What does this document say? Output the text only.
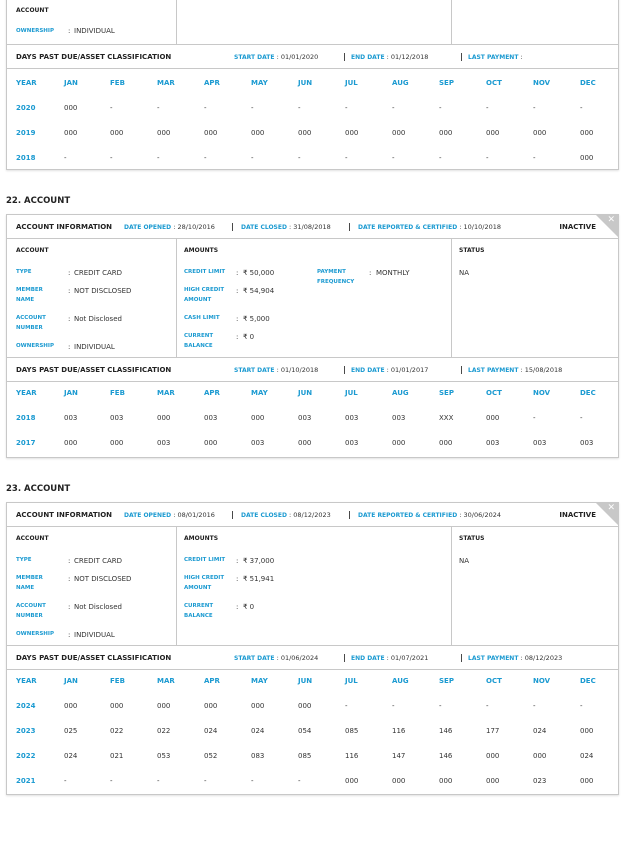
ACCOUNT
OWNERSHIP : INDIVIDUAL
DAYS PAST DUE/ASSET CLASSIFICATION	START DATE : 01/01/2020	| END DATE : 01/12/2018	| LAST PAYMENT :
YEAR	JAN	FEB	MAR	APR	MAY	JUN	JUL	AUG	SEP	OCT	NOV	DEC
2020	000	-	-	-	-	-	-	-	-	-	-	-
2019	000	000	000	000	000	000	000	000	000	000	000	000
2018	-	-	-	-	-	-	-	-	-	-	-	000
22. ACCOUNT
ACCOUNT INFORMATION DATE OPENED : 28/10/2016 | DATE CLOSED : 31/08/2018 | DATE REPORTED & CERTIFIED : 10/10/2018	INACTIVE
✕
ACCOUNT	AMOUNTS	STATUS
TYPE	: CREDIT CARD
MEMBER NAME
: NOT DISCLOSED
ACCOUNT NUMBER
: Not Disclosed
OWNERSHIP	: INDIVIDUAL
CREDIT LIMIT	: ₹ 50,000
HIGH CREDIT AMOUNT
: ₹ 54,904
CASH LIMIT	: ₹ 5,000
CURRENT BALANCE
: ₹ 0
PAYMENT FREQUENCY
: MONTHLY	NA
DAYS PAST DUE/ASSET CLASSIFICATION	START DATE : 01/10/2018	| END DATE : 01/01/2017	| LAST PAYMENT : 15/08/2018
YEAR	JAN	FEB	MAR	APR	MAY	JUN	JUL	AUG	SEP	OCT	NOV	DEC
2018	003	003	000	003	000	003	003	003	XXX	000	-	-
2017	000	000	003	000	003	000	003	000	000	003	003	003
23. ACCOUNT
ACCOUNT INFORMATION DATE OPENED : 08/01/2016 | DATE CLOSED : 08/12/2023 | DATE REPORTED & CERTIFIED : 30/06/2024	INACTIVE
✕
ACCOUNT	AMOUNTS	STATUS
TYPE	: CREDIT CARD
MEMBER NAME
: NOT DISCLOSED
ACCOUNT NUMBER
: Not Disclosed
OWNERSHIP	: INDIVIDUAL
CREDIT LIMIT	: ₹ 37,000
HIGH CREDIT AMOUNT
: ₹ 51,941
CURRENT BALANCE
: ₹ 0
NA
DAYS PAST DUE/ASSET CLASSIFICATION	START DATE : 01/06/2024	| END DATE : 01/07/2021	| LAST PAYMENT : 08/12/2023
YEAR	JAN	FEB	MAR	APR	MAY	JUN	JUL	AUG	SEP	OCT	NOV	DEC
2024	000	000	000	000	000	000	-	-	-	-	-	-
2023	025	022	022	024	024	054	085	116	146	177	024	000
2022	024	021	053	052	083	085	116	147	146	000	000	024
2021	-	-	-	-	-	-	000	000	000	000	023	000
